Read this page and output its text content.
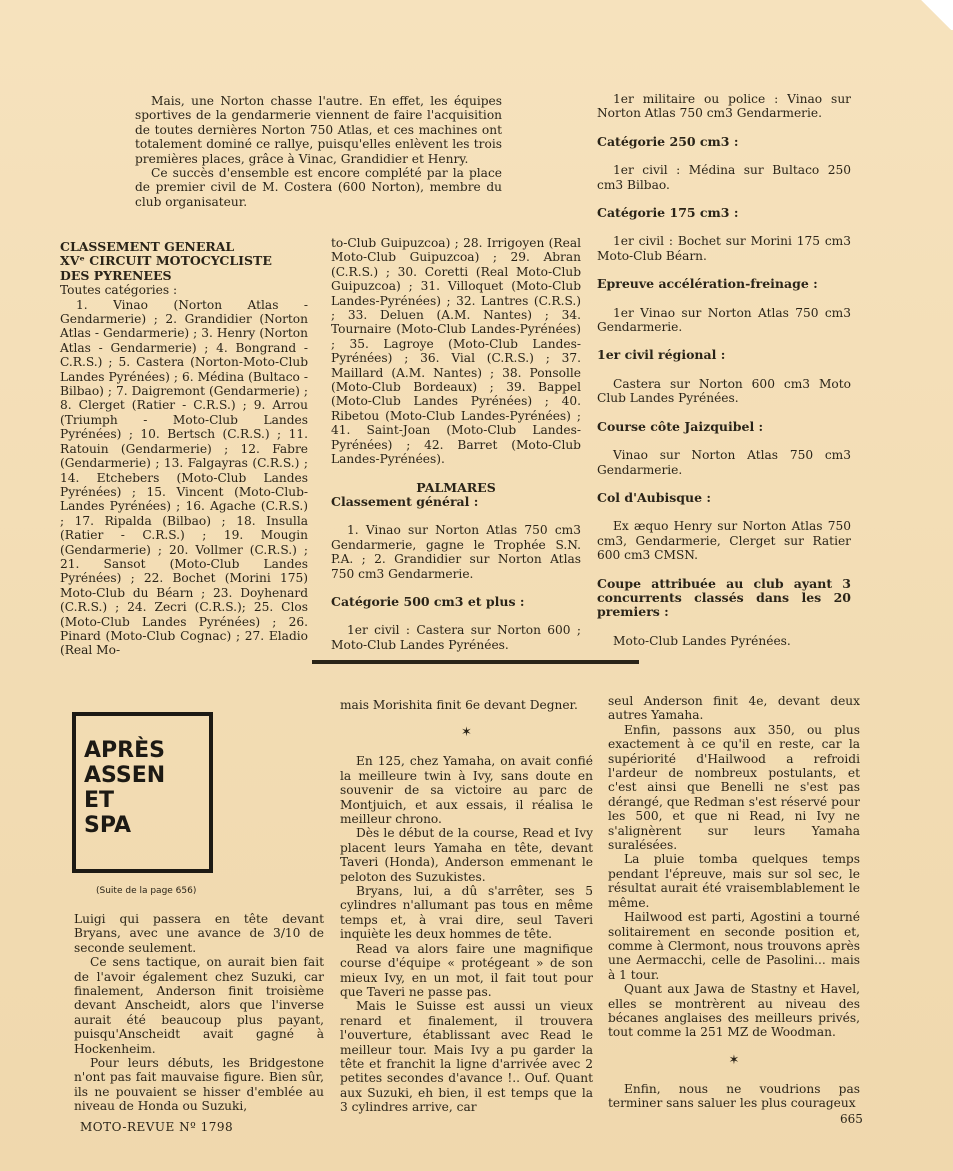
Mais, une Norton chasse l'autre. En effet, les équipes sportives de la gendarmerie viennent de faire l'acquisition de toutes dernières Norton 750 Atlas, et ces machines ont totalement dominé ce rallye, puisqu'elles enlèvent les trois premières places, grâce à Vinac, Grandidier et Henry.

Ce succès d'ensemble est encore complété par la place de premier civil de M. Costera (600 Norton), membre du club organisateur.

CLASSEMENT GENERAL

XVᵉ CIRCUIT MOTOCYCLISTE

DES PYRENEES

Toutes catégories :

1. Vinao (Norton Atlas - Gendarmerie) ; 2. Grandidier (Norton Atlas - Gendarmerie) ; 3. Henry (Norton Atlas - Gendarmerie) ; 4. Bongrand - C.R.S.) ; 5. Castera (Norton-Moto-Club Landes Pyrénées) ; 6. Médina (Bultaco - Bilbao) ; 7. Daigremont (Gendarmerie) ; 8. Clerget (Ratier - C.R.S.) ; 9. Arrou (Triumph - Moto-Club Landes Pyrénées) ; 10. Bertsch (C.R.S.) ; 11. Ratouin (Gendarmerie) ; 12. Fabre (Gendarmerie) ; 13. Falgayras (C.R.S.) ; 14. Etchebers (Moto-Club Landes Pyrénées) ; 15. Vincent (Moto-Club-Landes Pyrénées) ; 16. Agache (C.R.S.) ; 17. Ripalda (Bilbao) ; 18. Insulla (Ratier - C.R.S.) ; 19. Mougin (Gendarmerie) ; 20. Vollmer (C.R.S.) ; 21. Sansot (Moto-Club Landes Pyrénées) ; 22. Bochet (Morini 175) Moto-Club du Béarn ; 23. Doyhenard (C.R.S.) ; 24. Zecri (C.R.S.); 25. Clos (Moto-Club Landes Pyrénées) ; 26. Pinard (Moto-Club Cognac) ; 27. Eladio (Real Mo-

to-Club Guipuzcoa) ; 28. Irrigoyen (Real Moto-Club Guipuzcoa) ; 29. Abran (C.R.S.) ; 30. Coretti (Real Moto-Club Guipuzcoa) ; 31. Villoquet (Moto-Club Landes-Pyrénées) ; 32. Lantres (C.R.S.) ; 33. Deluen (A.M. Nantes) ; 34. Tournaire (Moto-Club Landes-Pyrénées) ; 35. Lagroye (Moto-Club Landes-Pyrénées) ; 36. Vial (C.R.S.) ; 37. Maillard (A.M. Nantes) ; 38. Ponsolle (Moto-Club Bordeaux) ; 39. Bappel (Moto-Club Landes Pyrénées) ; 40. Ribetou (Moto-Club Landes-Pyrénées) ; 41. Saint-Joan (Moto-Club Landes-Pyrénées) ; 42. Barret (Moto-Club Landes-Pyrénées).

PALMARES

Classement général :

1. Vinao sur Norton Atlas 750 cm3 Gendarmerie, gagne le Trophée S.N. P.A. ; 2. Grandidier sur Norton Atlas 750 cm3 Gendarmerie.

Catégorie 500 cm3 et plus :

1er civil : Castera sur Norton 600 ; Moto-Club Landes Pyrénées.

1er militaire ou police : Vinao sur Norton Atlas 750 cm3 Gendarmerie.

Catégorie 250 cm3 :

1er civil : Médina sur Bultaco 250 cm3 Bilbao.

Catégorie 175 cm3 :

1er civil : Bochet sur Morini 175 cm3 Moto-Club Béarn.

Epreuve accélération-freinage :

1er Vinao sur Norton Atlas 750 cm3 Gendarmerie.

1er civil régional :

Castera sur Norton 600 cm3 Moto Club Landes Pyrénées.

Course côte Jaizquibel :

Vinao sur Norton Atlas 750 cm3 Gendarmerie.

Col d'Aubisque :

Ex æquo Henry sur Norton Atlas 750 cm3, Gendarmerie, Clerget sur Ratier 600 cm3 CMSN.

Coupe attribuée au club ayant 3 concurrents classés dans les 20 premiers :

Moto-Club Landes Pyrénées.

APRÈS
ASSEN
ET
SPA
(Suite de la page 656)

Luigi qui passera en tête devant Bryans, avec une avance de 3/10 de seconde seulement.

Ce sens tactique, on aurait bien fait de l'avoir également chez Suzuki, car finalement, Anderson finit troisième devant Anscheidt, alors que l'inverse aurait été beaucoup plus payant, puisqu'Anscheidt avait gagné à Hockenheim.

Pour leurs débuts, les Bridgestone n'ont pas fait mauvaise figure. Bien sûr, ils ne pouvaient se hisser d'emblée au niveau de Honda ou Suzuki,

mais Morishita finit 6e devant Degner.

✶

En 125, chez Yamaha, on avait confié la meilleure twin à Ivy, sans doute en souvenir de sa victoire au parc de Montjuich, et aux essais, il réalisa le meilleur chrono.

Dès le début de la course, Read et Ivy placent leurs Yamaha en tête, devant Taveri (Honda), Anderson emmenant le peloton des Suzukistes.

Bryans, lui, a dû s'arrêter, ses 5 cylindres n'allumant pas tous en même temps et, à vrai dire, seul Taveri inquiète les deux hommes de tête.

Read va alors faire une magnifique course d'équipe « protégeant » de son mieux Ivy, en un mot, il fait tout pour que Taveri ne passe pas.

Mais le Suisse est aussi un vieux renard et finalement, il trouvera l'ouverture, établissant avec Read le meilleur tour. Mais Ivy a pu garder la tête et franchit la ligne d'arrivée avec 2 petites secondes d'avance !.. Ouf. Quant aux Suzuki, eh bien, il est temps que la 3 cylindres arrive, car

seul Anderson finit 4e, devant deux autres Yamaha.

Enfin, passons aux 350, ou plus exactement à ce qu'il en reste, car la supériorité d'Hailwood a refroidi l'ardeur de nombreux postulants, et c'est ainsi que Benelli ne s'est pas dérangé, que Redman s'est réservé pour les 500, et que ni Read, ni Ivy ne s'alignèrent sur leurs Yamaha suralésées.

La pluie tomba quelques temps pendant l'épreuve, mais sur sol sec, le résultat aurait été vraisemblablement le même.

Hailwood est parti, Agostini a tourné solitairement en seconde position et, comme à Clermont, nous trouvons après une Aermacchi, celle de Pasolini... mais à 1 tour.

Quant aux Jawa de Stastny et Havel, elles se montrèrent au niveau des bécanes anglaises des meilleurs privés, tout comme la 251 MZ de Woodman.

✶

Enfin, nous ne voudrions pas terminer sans saluer les plus courageux

MOTO-REVUE Nº 1798
665
